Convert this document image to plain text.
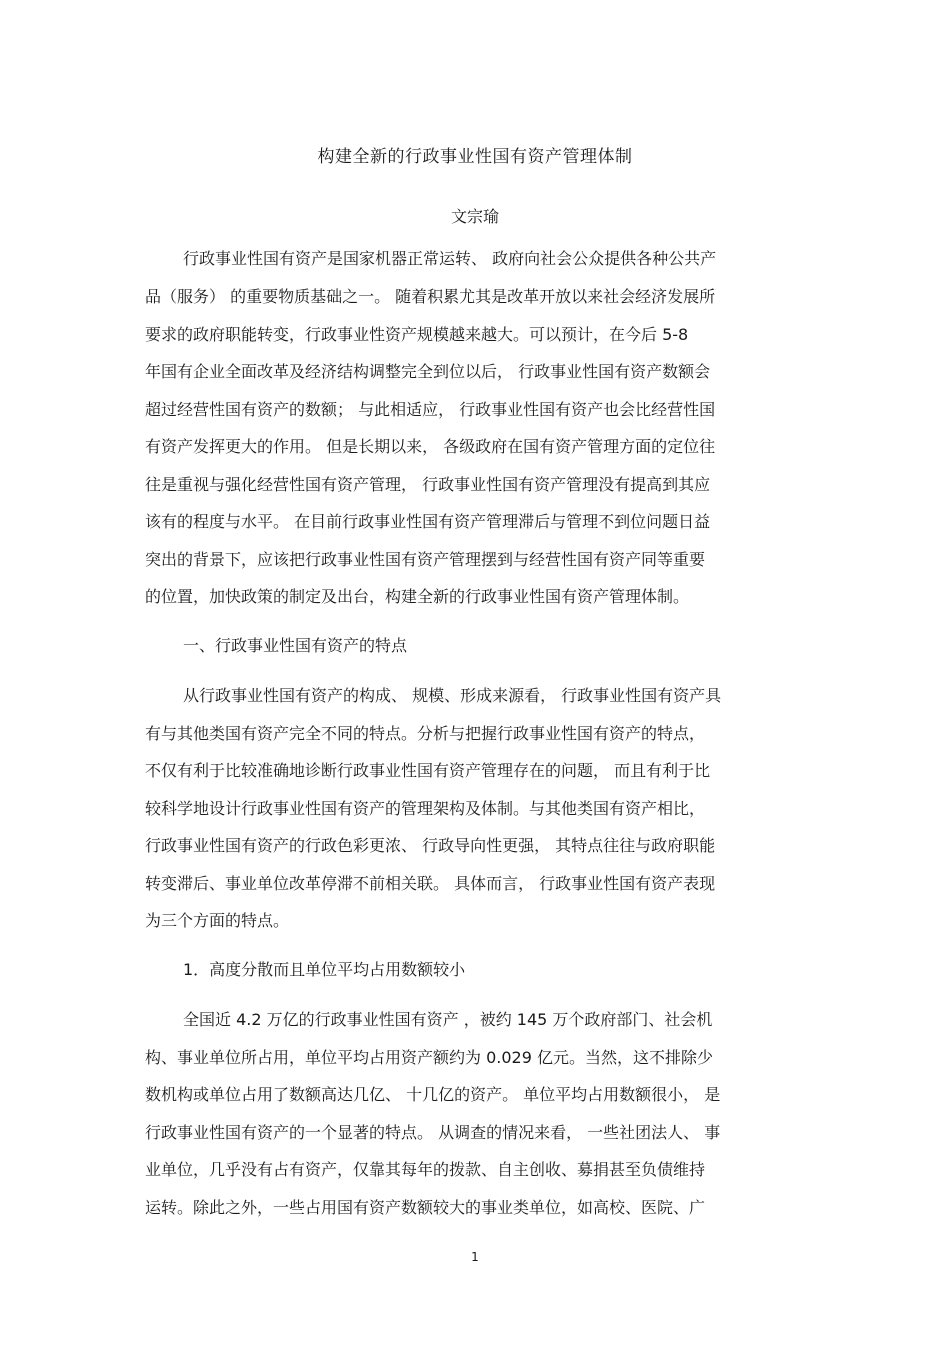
构建全新的行政事业性国有资产管理体制
文宗瑜
行政事业性国有资产是国家机器正常运转、 政府向社会公众提供各种公共产
品（服务） 的重要物质基础之一。 随着积累尤其是改革开放以来社会经济发展所
要求的政府职能转变，行政事业性资产规模越来越大。可以预计，在今后 5-8
年国有企业全面改革及经济结构调整完全到位以后， 行政事业性国有资产数额会
超过经营性国有资产的数额； 与此相适应， 行政事业性国有资产也会比经营性国
有资产发挥更大的作用。 但是长期以来， 各级政府在国有资产管理方面的定位往
往是重视与强化经营性国有资产管理， 行政事业性国有资产管理没有提高到其应
该有的程度与水平。 在目前行政事业性国有资产管理滞后与管理不到位问题日益
突出的背景下，应该把行政事业性国有资产管理摆到与经营性国有资产同等重要
的位置，加快政策的制定及出台，构建全新的行政事业性国有资产管理体制。
一、行政事业性国有资产的特点
从行政事业性国有资产的构成、 规模、形成来源看， 行政事业性国有资产具
有与其他类国有资产完全不同的特点。分析与把握行政事业性国有资产的特点，
不仅有利于比较准确地诊断行政事业性国有资产管理存在的问题， 而且有利于比
较科学地设计行政事业性国有资产的管理架构及体制。与其他类国有资产相比，
行政事业性国有资产的行政色彩更浓、 行政导向性更强， 其特点往往与政府职能
转变滞后、事业单位改革停滞不前相关联。 具体而言， 行政事业性国有资产表现
为三个方面的特点。
1．高度分散而且单位平均占用数额较小
全国近 4.2 万亿的行政事业性国有资产 ，被约 145 万个政府部门、社会机
构、事业单位所占用，单位平均占用资产额约为 0.029 亿元。当然，这不排除少
数机构或单位占用了数额高达几亿、 十几亿的资产。 单位平均占用数额很小， 是
行政事业性国有资产的一个显著的特点。 从调查的情况来看， 一些社团法人、 事
业单位，几乎没有占有资产，仅靠其每年的拨款、自主创收、募捐甚至负债维持
运转。除此之外，一些占用国有资产数额较大的事业类单位，如高校、医院、广
1
